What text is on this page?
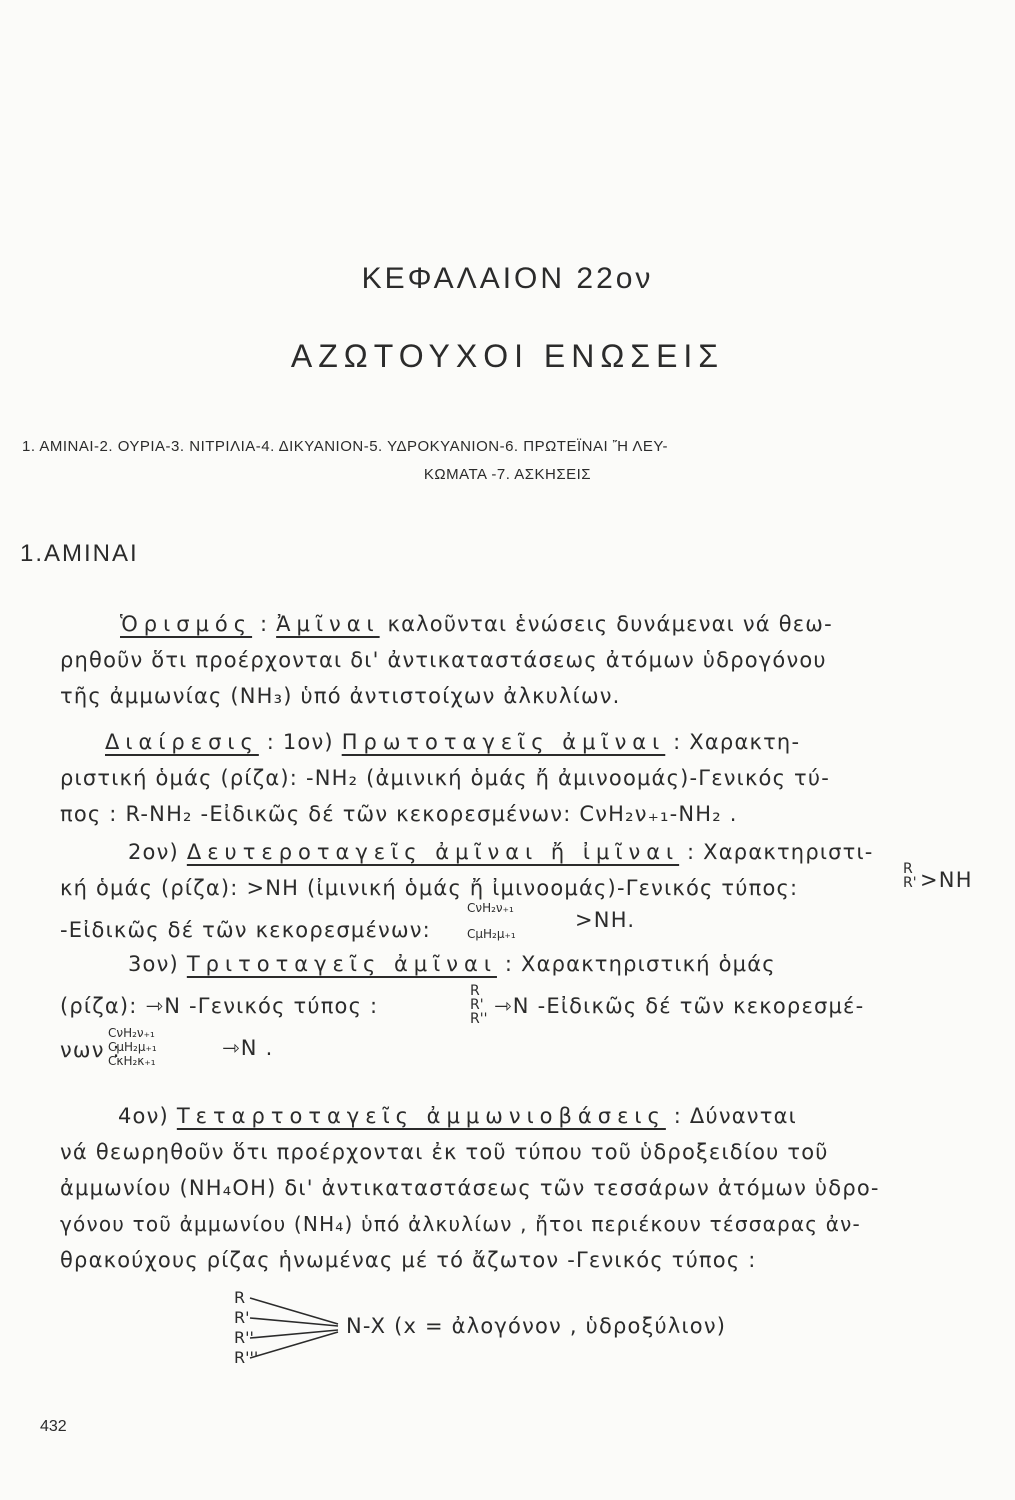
ΚΕΦΑΛΑΙΟΝ 22ον
ΑΖΩΤΟΥΧΟΙ ΕΝΩΣΕΙΣ
1. ΑΜΙΝΑΙ-2. ΟΥΡΙΑ-3. ΝΙΤΡΙΛΙΑ-4. ΔΙΚΥΑΝΙΟΝ-5. ΥΔΡΟΚΥΑΝΙΟΝ-6. ΠΡΩΤΕΪΝΑΙ Ἤ ΛΕΥ-
ΚΩΜΑΤΑ -7. ΑΣΚΗΣΕΙΣ
1.ΑΜΙΝΑΙ
Ὁρισμός : Ἀμῖναι καλοῦνται ἑνώσεις δυνάμεναι νά θεω-
ρηθοῦν ὅτι προέρχονται δι' ἀντικαταστάσεως ἀτόμων ὑδρογόνου
τῆς ἀμμωνίας (NH₃) ὑπό ἀντιστοίχων ἀλκυλίων.
Διαίρεσις : 1ον) Πρωτοταγεῖς ἀμῖναι : Χαρακτη-
ριστική ὁμάς (ρίζα): -NH₂ (ἀμινική ὁμάς ἤ ἀμινοομάς)-Γενικός τύ-
πος : R-NH₂ -Εἰδικῶς δέ τῶν κεκορεσμένων: CνH₂ν₊₁-NH₂ .
2ον) Δευτεροταγεῖς ἀμῖναι ἤ ἰμῖναι : Χαρακτηριστι-
κή ὁμάς (ρίζα): >NH (ἰμινική ὁμάς ἤ ἰμινοομάς)-Γενικός τύπος:
R
R' >NH
-Εἰδικῶς δέ τῶν κεκορεσμένων:
CνH₂ν₊₁
CμH₂μ₊₁
>NH.
3ον) Τριτοταγεῖς ἀμῖναι : Χαρακτηριστική ὁμάς
(ρίζα): ⇾N -Γενικός τύπος :
R
R'
R''
⇾N -Εἰδικῶς δέ τῶν κεκορεσμέ-
νων :
CνH₂ν₊₁
CμH₂μ₊₁
CκH₂κ₊₁
⇾N .
4ον) Τεταρτοταγεῖς ἀμμωνιοβάσεις : Δύνανται
νά θεωρηθοῦν ὅτι προέρχονται ἐκ τοῦ τύπου τοῦ ὑδροξειδίου τοῦ
ἀμμωνίου (NH₄OH) δι' ἀντικαταστάσεως τῶν τεσσάρων ἀτόμων ὑδρο-
γόνου τοῦ ἀμμωνίου (NH₄) ὑπό ἀλκυλίων , ἤτοι περιέκουν τέσσαρας ἀν-
θρακούχους ρίζας ἡνωμένας μέ τό ἄζωτον -Γενικός τύπος :
R
R'
R''
R'''
N-X (x = ἀλογόνον , ὑδροξύλιον)
432
